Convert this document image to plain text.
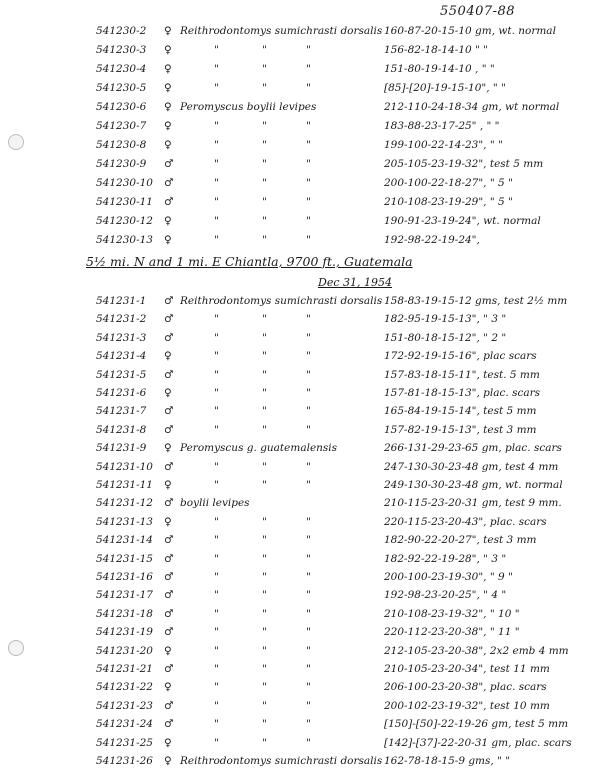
550407-88
541230-2 ♀ Reithrodontomys sumichrasti dorsalis 160-87-20-15-10 gm, wt. normal
541230-3 ♀	"	"	"	156-82-18-14-10 " "
541230-4 ♀	"	"	"	151-80-19-14-10 , " "
541230-5 ♀	"	"	"	[85]-[20]-19-15-10", " "
541230-6 ♀ Peromyscus boylii levipes	212-110-24-18-34 gm, wt normal
541230-7 ♀	"	"	"	183-88-23-17-25" , " "
541230-8 ♀	"	"	"	199-100-22-14-23", " "
541230-9 ♂	"	"	"	205-105-23-19-32", test 5 mm
541230-10 ♂	"	"	"	200-100-22-18-27", " 5 "
541230-11 ♂	"	"	"	210-108-23-19-29", " 5 "
541230-12 ♀	"	"	"	190-91-23-19-24", wt. normal
541230-13 ♀	"	"	"	192-98-22-19-24",
5½ mi. N and 1 mi. E Chiantla, 9700 ft., Guatemala
Dec 31, 1954
541231-1 ♂ Reithrodontomys sumichrasti dorsalis 158-83-19-15-12 gms, test 2½ mm
541231-2 ♂	"	"	"	182-95-19-15-13", " 3 "
541231-3 ♂	"	"	"	151-80-18-15-12", " 2 "
541231-4 ♀	"	"	"	172-92-19-15-16", plac scars
541231-5 ♂	"	"	"	157-83-18-15-11", test. 5 mm
541231-6 ♀	"	"	"	157-81-18-15-13", plac. scars
541231-7 ♂	"	"	"	165-84-19-15-14", test 5 mm
541231-8 ♂	"	"	"	157-82-19-15-13", test 3 mm
541231-9 ♀ Peromyscus g. guatemalensis	266-131-29-23-65 gm, plac. scars
541231-10 ♂	"	"	"	247-130-30-23-48 gm, test 4 mm
541231-11 ♀	"	"	"	249-130-30-23-48 gm, wt. normal
541231-12 ♂ boylii levipes	210-115-23-20-31 gm, test 9 mm.
541231-13 ♀	"	"	"	220-115-23-20-43", plac. scars
541231-14 ♂	"	"	"	182-90-22-20-27", test 3 mm
541231-15 ♂	"	"	"	182-92-22-19-28", " 3 "
541231-16 ♂	"	"	"	200-100-23-19-30", " 9 "
541231-17 ♂	"	"	"	192-98-23-20-25", " 4 "
541231-18 ♂	"	"	"	210-108-23-19-32", " 10 "
541231-19 ♂	"	"	"	220-112-23-20-38", " 11 "
541231-20 ♀	"	"	"	212-105-23-20-38", 2x2 emb 4 mm
541231-21 ♂	"	"	"	210-105-23-20-34", test 11 mm
541231-22 ♀	"	"	"	206-100-23-20-38", plac. scars
541231-23 ♂	"	"	"	200-102-23-19-32", test 10 mm
541231-24 ♂	"	"	"	[150]-[50]-22-19-26 gm, test 5 mm
541231-25 ♀	"	"	"	[142]-[37]-22-20-31 gm, plac. scars
541231-26 ♀ Reithrodontomys sumichrasti dorsalis 162-78-18-15-9 gms, " "
